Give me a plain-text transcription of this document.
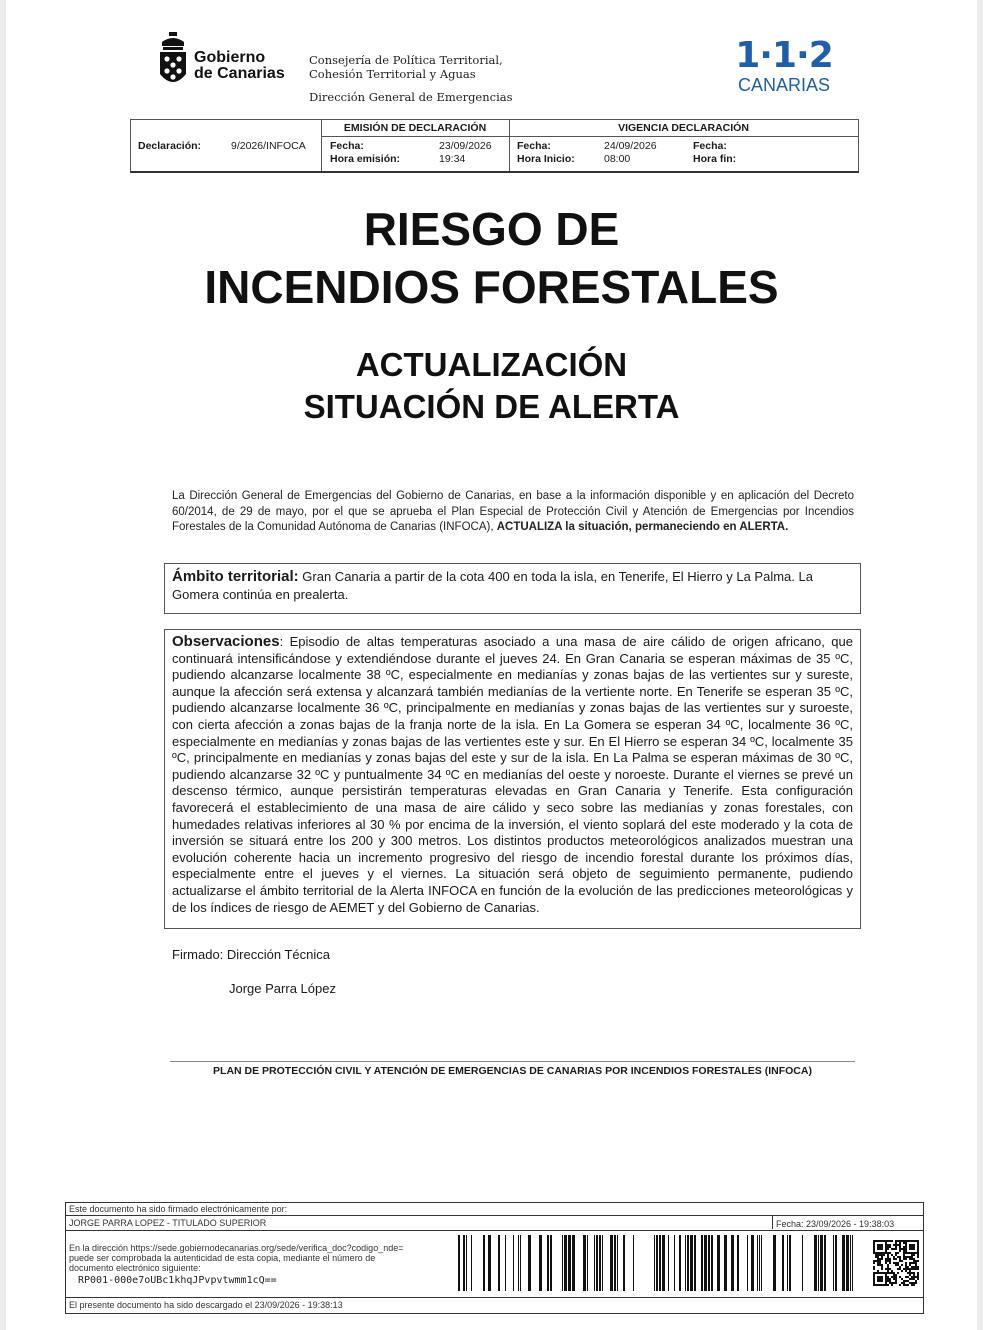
Gobierno
de Canarias
Consejería de Política Territorial,
Cohesión Territorial y Aguas
Dirección General de Emergencias
1·1·2
CANARIAS
Declaración:	9/2026/INFOCA
EMISIÓN DE DECLARACIÓN	VIGENCIA DECLARACIÓN
Fecha:	23/09/2026
Hora emisión:	19:34
Fecha:	24/09/2026
Hora Inicio:	08:00
Fecha:
Hora fin:
RIESGO DE
INCENDIOS FORESTALES
ACTUALIZACIÓN
SITUACIÓN DE ALERTA
La Dirección General de Emergencias del Gobierno de Canarias, en base a la información disponible y en aplicación del Decreto 60/2014, de 29 de mayo, por el que se aprueba el Plan Especial de Protección Civil y Atención de Emergencias por Incendios Forestales de la Comunidad Autónoma de Canarias (INFOCA), ACTUALIZA la situación, permaneciendo en ALERTA.
Ámbito territorial: Gran Canaria a partir de la cota 400 en toda la isla, en Tenerife, El Hierro y La Palma. La Gomera continúa en prealerta.
Observaciones: Episodio de altas temperaturas asociado a una masa de aire cálido de origen africano, que continuará intensificándose y extendiéndose durante el jueves 24. En Gran Canaria se esperan máximas de 35 ºC, pudiendo alcanzarse localmente 38 ºC, especialmente en medianías y zonas bajas de las vertientes sur y sureste, aunque la afección será extensa y alcanzará también medianías de la vertiente norte. En Tenerife se esperan 35 ºC, pudiendo alcanzarse localmente 36 ºC, principalmente en medianías y zonas bajas de las vertientes sur y suroeste, con cierta afección a zonas bajas de la franja norte de la isla. En La Gomera se esperan 34 ºC, localmente 36 ºC, especialmente en medianías y zonas bajas de las vertientes este y sur. En El Hierro se esperan 34 ºC, localmente 35 ºC, principalmente en medianías y zonas bajas del este y sur de la isla. En La Palma se esperan máximas de 30 ºC, pudiendo alcanzarse 32 ºC y puntualmente 34 ºC en medianías del oeste y noroeste. Durante el viernes se prevé un descenso térmico, aunque persistirán temperaturas elevadas en Gran Canaria y Tenerife. Esta configuración favorecerá el establecimiento de una masa de aire cálido y seco sobre las medianías y zonas forestales, con humedades relativas inferiores al 30 % por encima de la inversión, el viento soplará del este moderado y la cota de inversión se situará entre los 200 y 300 metros. Los distintos productos meteorológicos analizados muestran una evolución coherente hacia un incremento progresivo del riesgo de incendio forestal durante los próximos días, especialmente entre el jueves y el viernes. La situación será objeto de seguimiento permanente, pudiendo actualizarse el ámbito territorial de la Alerta INFOCA en función de la evolución de las predicciones meteorológicas y de los índices de riesgo de AEMET y del Gobierno de Canarias.
Firmado: Dirección Técnica
Jorge Parra López
PLAN DE PROTECCIÓN CIVIL Y ATENCIÓN DE EMERGENCIAS DE CANARIAS POR INCENDIOS FORESTALES (INFOCA)
Este documento ha sido firmado electrónicamente por:
JORGE PARRA LOPEZ - TITULADO SUPERIOR	Fecha: 23/09/2026 - 19:38:03
En la dirección https://sede.gobiernodecanarias.org/sede/verifica_doc?codigo_nde=
puede ser comprobada la autenticidad de esta copia, mediante el número de
documento electrónico siguiente:
RP001-000e7oUBc1khqJPvpvtwmm1cQ==
El presente documento ha sido descargado el 23/09/2026 - 19:38:13
